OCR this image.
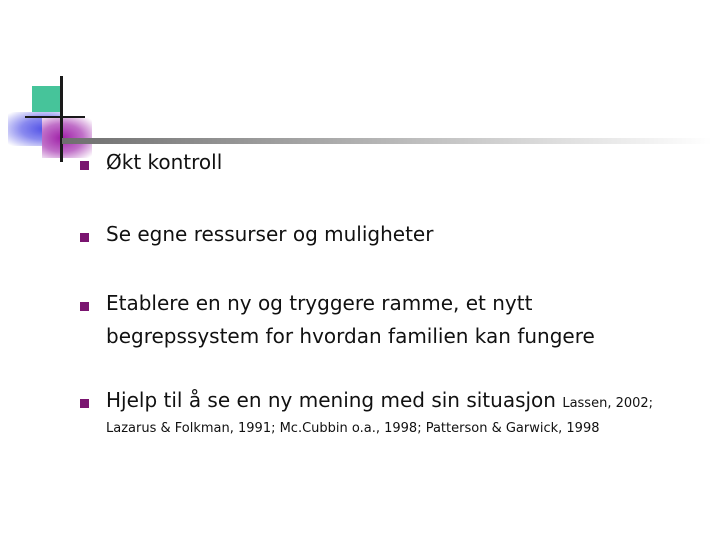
Økt kontroll
Se egne ressurser og muligheter
Etablere en ny og tryggere ramme, et nytt
begrepssystem for hvordan familien kan fungere
Hjelp til å se en ny mening med sin situasjon Lassen, 2002;
Lazarus & Folkman, 1991; Mc.Cubbin o.a., 1998; Patterson & Garwick, 1998
